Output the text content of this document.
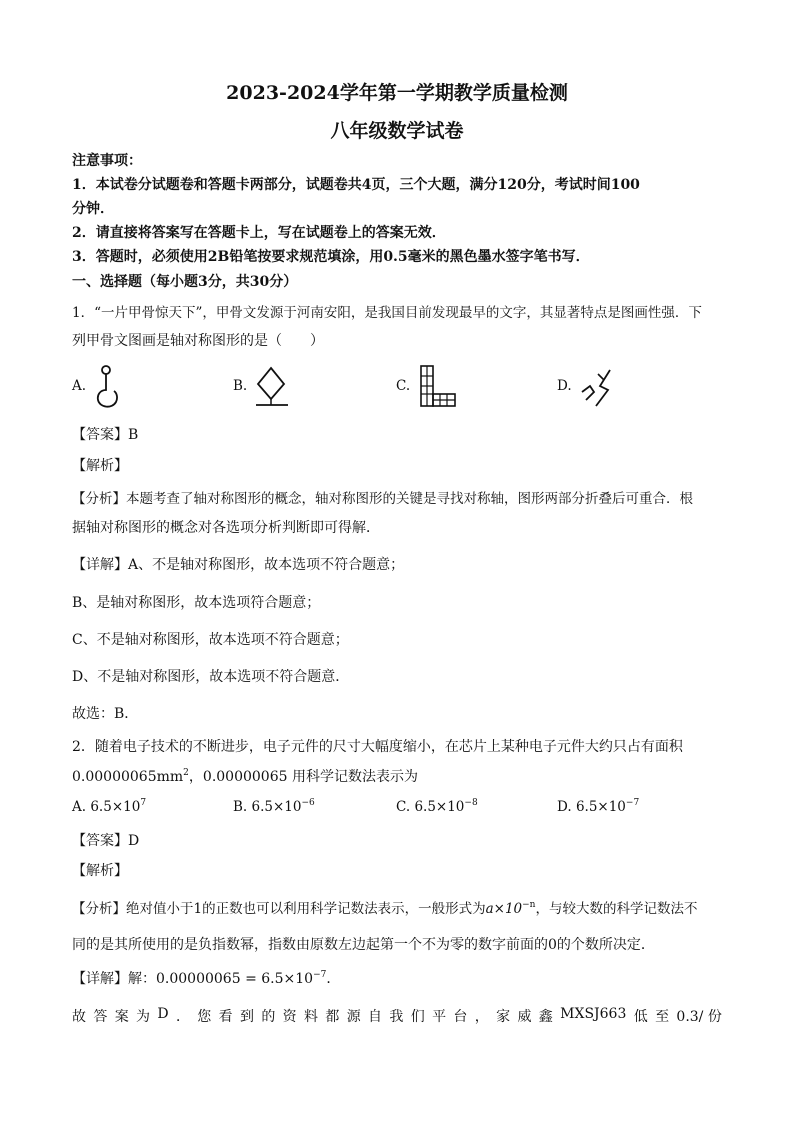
2023-2024学年第一学期教学质量检测
八年级数学试卷
注意事项：
1．本试卷分试题卷和答题卡两部分，试题卷共4页，三个大题，满分120分，考试时间100
分钟．
2．请直接将答案写在答题卡上，写在试题卷上的答案无效．
3．答题时，必须使用2B铅笔按要求规范填涂，用0.5毫米的黑色墨水签字笔书写．
一、选择题（每小题3分，共30分）
1．“一片甲骨惊天下”，甲骨文发源于河南安阳，是我国目前发现最早的文字，其显著特点是图画性强．下
列甲骨文图画是轴对称图形的是（　　）
A.	B.	C.	D.
【答案】B
【解析】
【分析】本题考查了轴对称图形的概念，轴对称图形的关键是寻找对称轴，图形两部分折叠后可重合．根
据轴对称图形的概念对各选项分析判断即可得解．
【详解】A、不是轴对称图形，故本选项不符合题意；
B、是轴对称图形，故本选项符合题意；
C、不是轴对称图形，故本选项不符合题意；
D、不是轴对称图形，故本选项不符合题意．
故选：B．
2．随着电子技术的不断进步，电子元件的尺寸大幅度缩小，在芯片上某种电子元件大约只占有面积
$0.00000065mm^2$，0.00000065 用科学记数法表示为
A. $6.5\times 10^7$	B. $6.5\times 10^{-6}$	C. $6.5\times 10^{-8}$	D. $6.5\times 10^{-7}$
【答案】D
【解析】
【分析】绝对值小于1的正数也可以利用科学记数法表示，一般形式为$a\times 10^{-n}$，与较大数的科学记数法不
同的是其所使用的是负指数幂，指数由原数左边起第一个不为零的数字前面的0的个数所决定．
【详解】解：$0.00000065 = 6.5\times 10^{-7}$．
故 答 案 为 D ． 您 看 到 的 资 料 都 源 自 我 们 平 台 ， 家 威 鑫 MXSJ663 低 至 0.3/ 份
